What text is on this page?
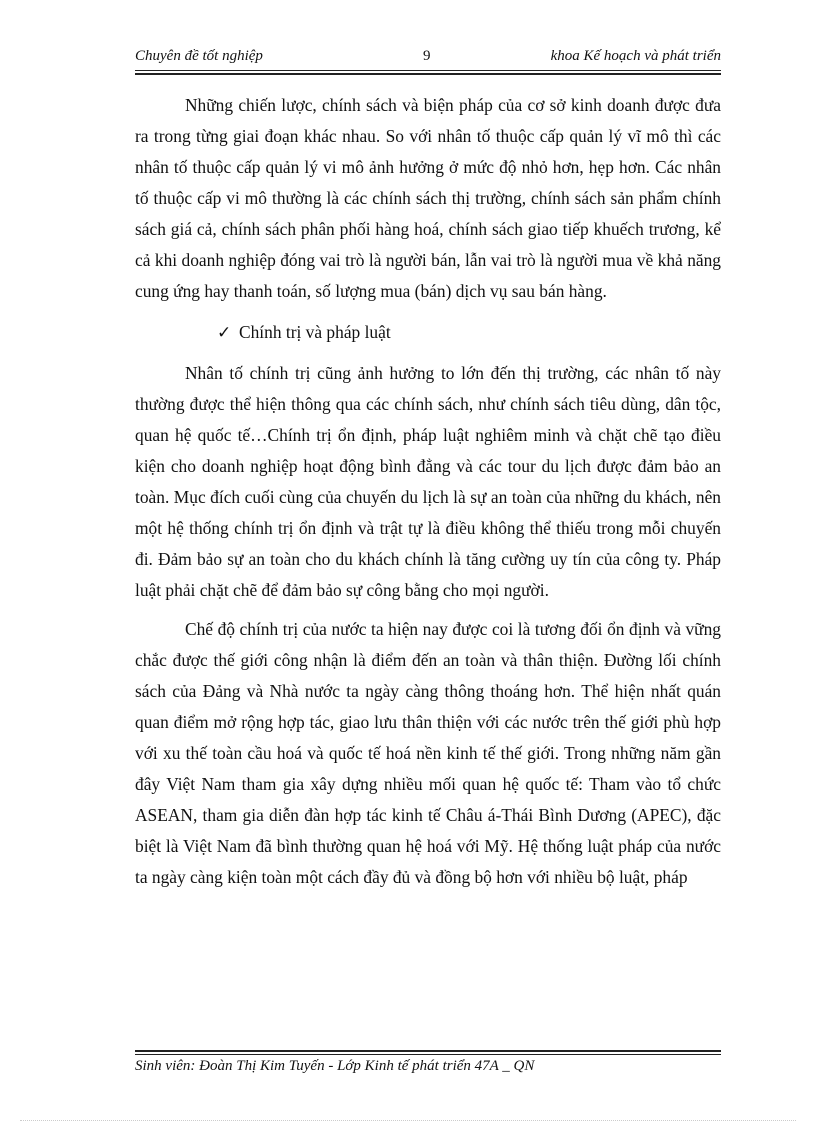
Chuyên đề tốt nghiệp	9	khoa Kế hoạch và phát triển

Những chiến lược, chính sách và biện pháp của cơ sở kinh doanh được đưa ra trong từng giai đoạn khác nhau. So với nhân tố thuộc cấp quản lý vĩ mô thì các nhân tố thuộc cấp quản lý vi mô ảnh hưởng ở mức độ nhỏ hơn, hẹp hơn. Các nhân tố thuộc cấp vi mô thường là các chính sách thị trường, chính sách sản phẩm chính sách giá cả, chính sách phân phối hàng hoá, chính sách giao tiếp khuếch trương, kể cả khi doanh nghiệp đóng vai trò là người bán, lẫn vai trò là người mua về khả năng cung ứng hay thanh toán, số lượng mua (bán) dịch vụ sau bán hàng.

✓ Chính trị và pháp luật

Nhân tố chính trị cũng ảnh hưởng to lớn đến thị trường, các nhân tố này thường được thể hiện thông qua các chính sách, như chính sách tiêu dùng, dân tộc, quan hệ quốc tế…Chính trị ổn định, pháp luật nghiêm minh và chặt chẽ tạo điều kiện cho doanh nghiệp hoạt động bình đẳng và các tour du lịch được đảm bảo an toàn. Mục đích cuối cùng của chuyến du lịch là sự an toàn của những du khách, nên một hệ thống chính trị ổn định và trật tự là điều không thể thiếu trong mỗi chuyến đi. Đảm bảo sự an toàn cho du khách chính là tăng cường uy tín của công ty. Pháp luật phải chặt chẽ để đảm bảo sự công bằng cho mọi người.

Chế độ chính trị của nước ta hiện nay được coi là tương đối ổn định và vững chắc được thế giới công nhận là điểm đến an toàn và thân thiện. Đường lối chính sách của Đảng và Nhà nước ta ngày càng thông thoáng hơn. Thể hiện nhất quán quan điểm mở rộng hợp tác, giao lưu thân thiện với các nước trên thế giới phù hợp với xu thế toàn cầu hoá và quốc tế hoá nền kinh tế thế giới. Trong những năm gần đây Việt Nam tham gia xây dựng nhiều mối quan hệ quốc tế: Tham vào tổ chức ASEAN, tham gia diễn đàn hợp tác kinh tế Châu á-Thái Bình Dương (APEC), đặc biệt là Việt Nam đã bình thường quan hệ hoá với Mỹ. Hệ thống luật pháp của nước ta ngày càng kiện toàn một cách đầy đủ và đồng bộ hơn với nhiều bộ luật, pháp

Sinh viên: Đoàn Thị Kim Tuyến - Lớp Kinh tế phát triển 47A _ QN
